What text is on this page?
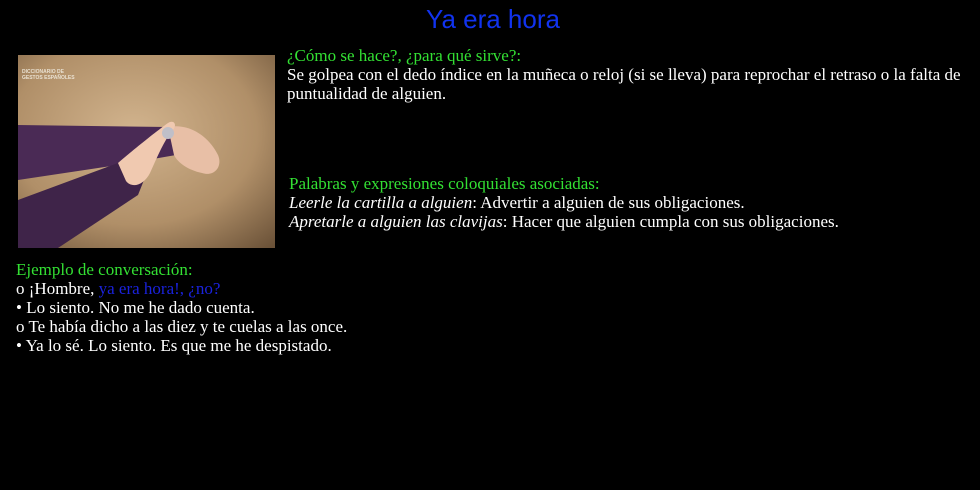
Ya era hora
DICCIONARIO DE GESTOS ESPAÑOLES

¿Cómo se hace?, ¿para qué sirve?:

Se golpea con el dedo índice en la muñeca o reloj (si se lleva) para reprochar el retraso o la falta de puntualidad de alguien.

Palabras y expresiones coloquiales asociadas:

Leerle la cartilla a alguien: Advertir a alguien de sus obligaciones.

Apretarle a alguien las clavijas: Hacer que alguien cumpla con sus obligaciones.

Ejemplo de conversación:

o ¡Hombre, ya era hora!, ¿no?

• Lo siento. No me he dado cuenta.

o Te había dicho a las diez y te cuelas a las once.

• Ya lo sé. Lo siento. Es que me he despistado.
